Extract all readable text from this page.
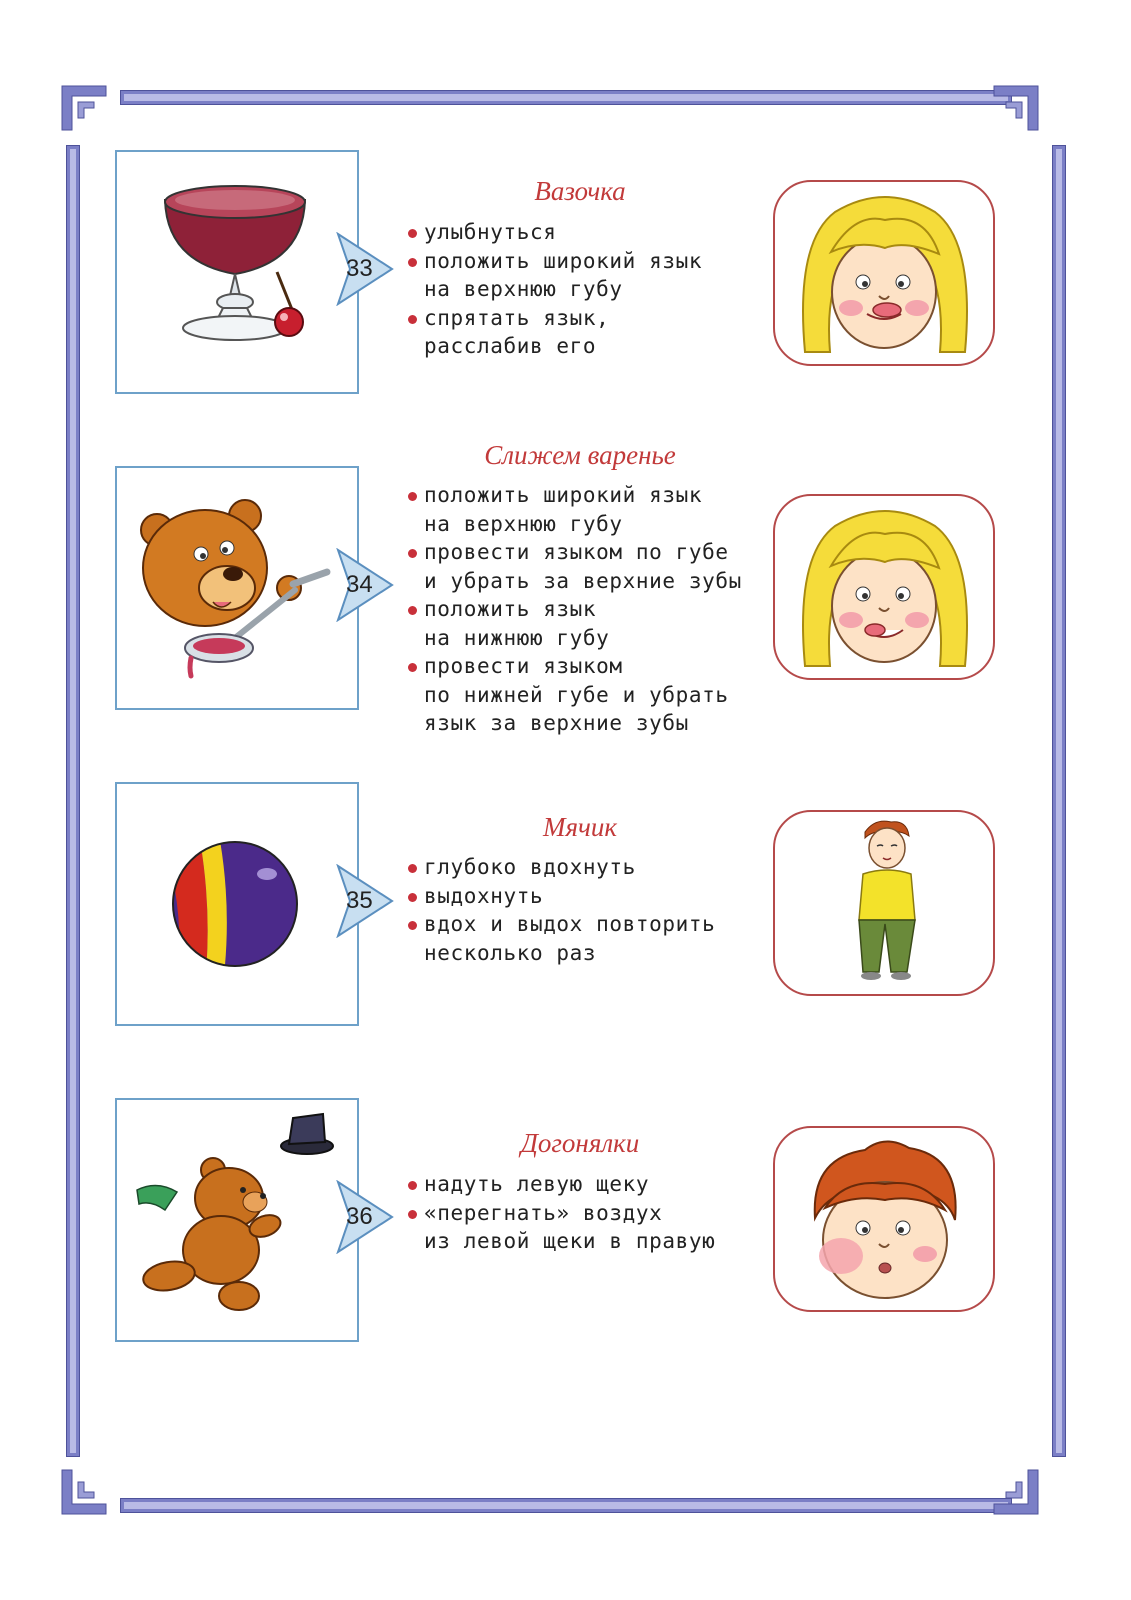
33
Вазочка
улыбнуться
положить широкий язык
на верхнюю губу
спрятать язык,
расслабив его
34
Слижем варенье
положить широкий язык
на верхнюю губу
провести языком по губе
и убрать за верхние зубы
положить язык
на нижнюю губу
провести языком
по нижней губе и убрать
язык за верхние зубы
35
Мячик
глубоко вдохнуть
выдохнуть
вдох и выдох повторить
несколько раз
36
Догонялки
надуть левую щеку
«перегнать» воздух
из левой щеки в правую
